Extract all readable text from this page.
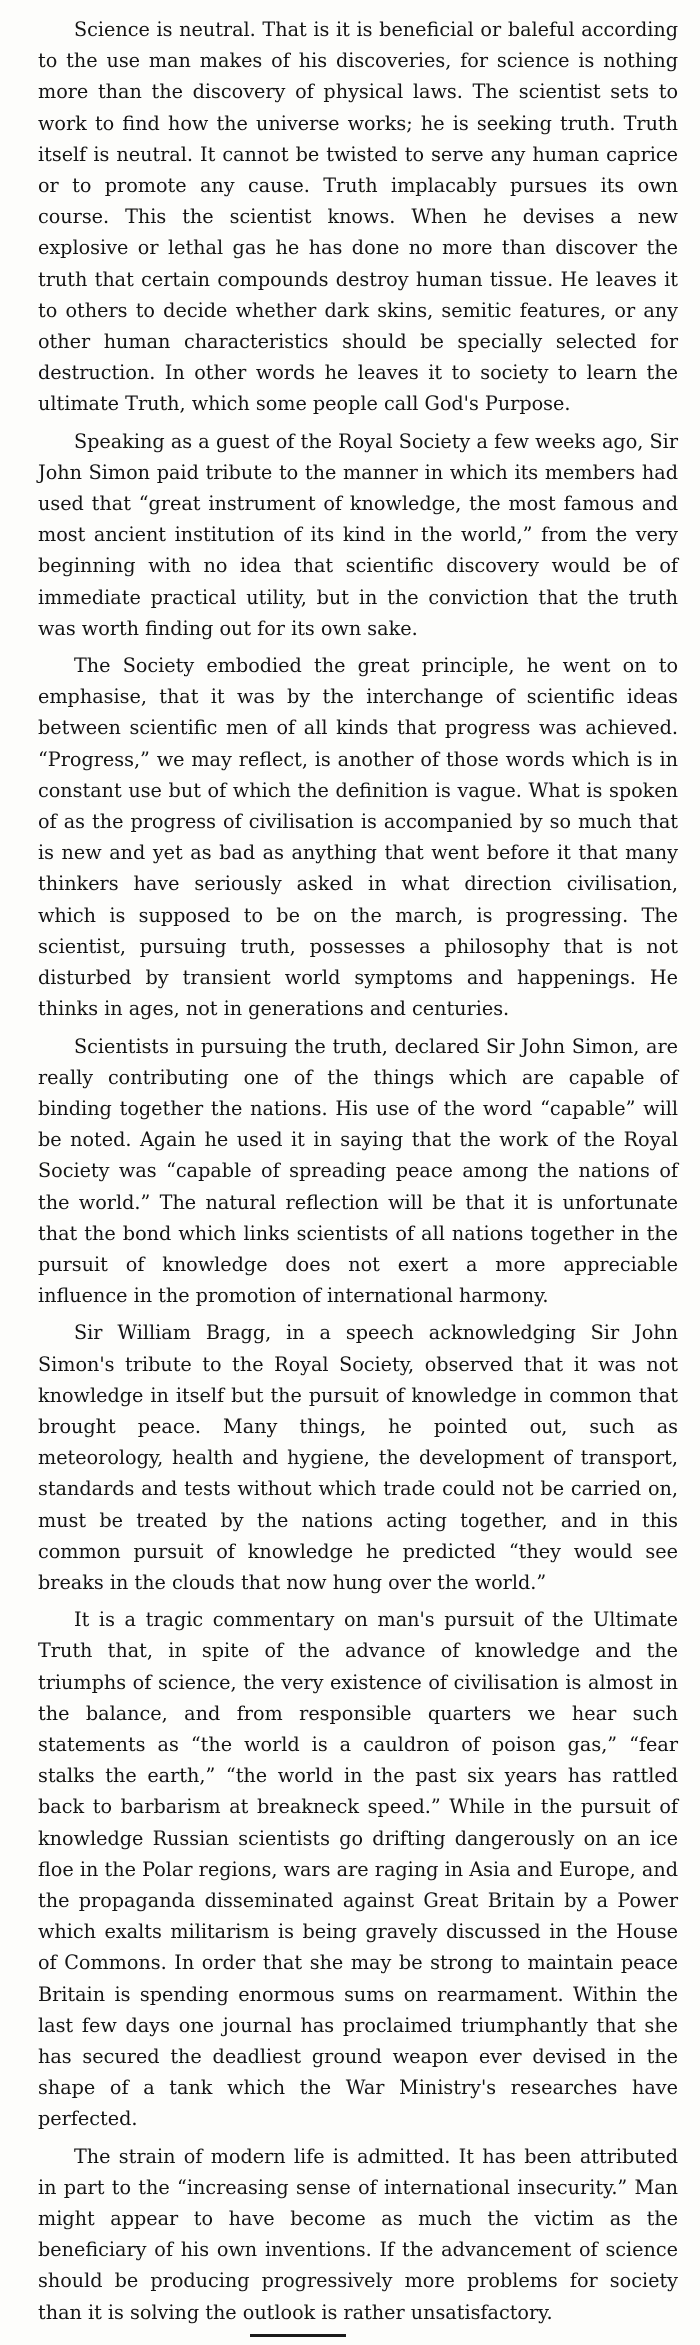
Science is neutral. That is it is beneficial or baleful according to the use man makes of his discoveries, for science is nothing more than the discovery of physical laws. The scientist sets to work to find how the universe works; he is seeking truth. Truth itself is neutral. It cannot be twisted to serve any human caprice or to promote any cause. Truth implacably pursues its own course. This the scientist knows. When he devises a new explosive or lethal gas he has done no more than discover the truth that certain compounds destroy human tissue. He leaves it to others to decide whether dark skins, semitic features, or any other human characteristics should be specially selected for destruction. In other words he leaves it to society to learn the ultimate Truth, which some people call God's Purpose.

Speaking as a guest of the Royal Society a few weeks ago, Sir John Simon paid tribute to the manner in which its members had used that “great instrument of knowledge, the most famous and most ancient institution of its kind in the world,” from the very beginning with no idea that scientific discovery would be of immediate practical utility, but in the conviction that the truth was worth finding out for its own sake.

The Society embodied the great principle, he went on to emphasise, that it was by the interchange of scientific ideas between scientific men of all kinds that progress was achieved. “Progress,” we may reflect, is another of those words which is in constant use but of which the definition is vague. What is spoken of as the progress of civilisation is accompanied by so much that is new and yet as bad as anything that went before it that many thinkers have seriously asked in what direction civilisation, which is supposed to be on the march, is progressing. The scientist, pursuing truth, possesses a philosophy that is not disturbed by transient world symptoms and happenings. He thinks in ages, not in generations and centuries.

Scientists in pursuing the truth, declared Sir John Simon, are really contributing one of the things which are capable of binding together the nations. His use of the word “capable” will be noted. Again he used it in saying that the work of the Royal Society was “capable of spreading peace among the nations of the world.” The natural reflection will be that it is unfortunate that the bond which links scientists of all nations together in the pursuit of knowledge does not exert a more appreciable influence in the promotion of international harmony.

Sir William Bragg, in a speech acknowledging Sir John Simon's tribute to the Royal Society, observed that it was not knowledge in itself but the pursuit of knowledge in common that brought peace. Many things, he pointed out, such as meteorology, health and hygiene, the development of transport, standards and tests without which trade could not be carried on, must be treated by the nations acting together, and in this common pursuit of knowledge he predicted “they would see breaks in the clouds that now hung over the world.”

It is a tragic commentary on man's pursuit of the Ultimate Truth that, in spite of the advance of knowledge and the triumphs of science, the very existence of civilisation is almost in the balance, and from responsible quarters we hear such statements as “the world is a cauldron of poison gas,” “fear stalks the earth,” “the world in the past six years has rattled back to barbarism at breakneck speed.” While in the pursuit of knowledge Russian scientists go drifting dangerously on an ice floe in the Polar regions, wars are raging in Asia and Europe, and the propaganda disseminated against Great Britain by a Power which exalts militarism is being gravely discussed in the House of Commons. In order that she may be strong to maintain peace Britain is spending enormous sums on rearmament. Within the last few days one journal has proclaimed triumphantly that she has secured the deadliest ground weapon ever devised in the shape of a tank which the War Ministry's researches have perfected.

The strain of modern life is admitted. It has been attributed in part to the “increasing sense of international insecurity.” Man might appear to have become as much the victim as the beneficiary of his own inventions. If the advancement of science should be producing progressively more problems for society than it is solving the outlook is rather unsatisfactory.
